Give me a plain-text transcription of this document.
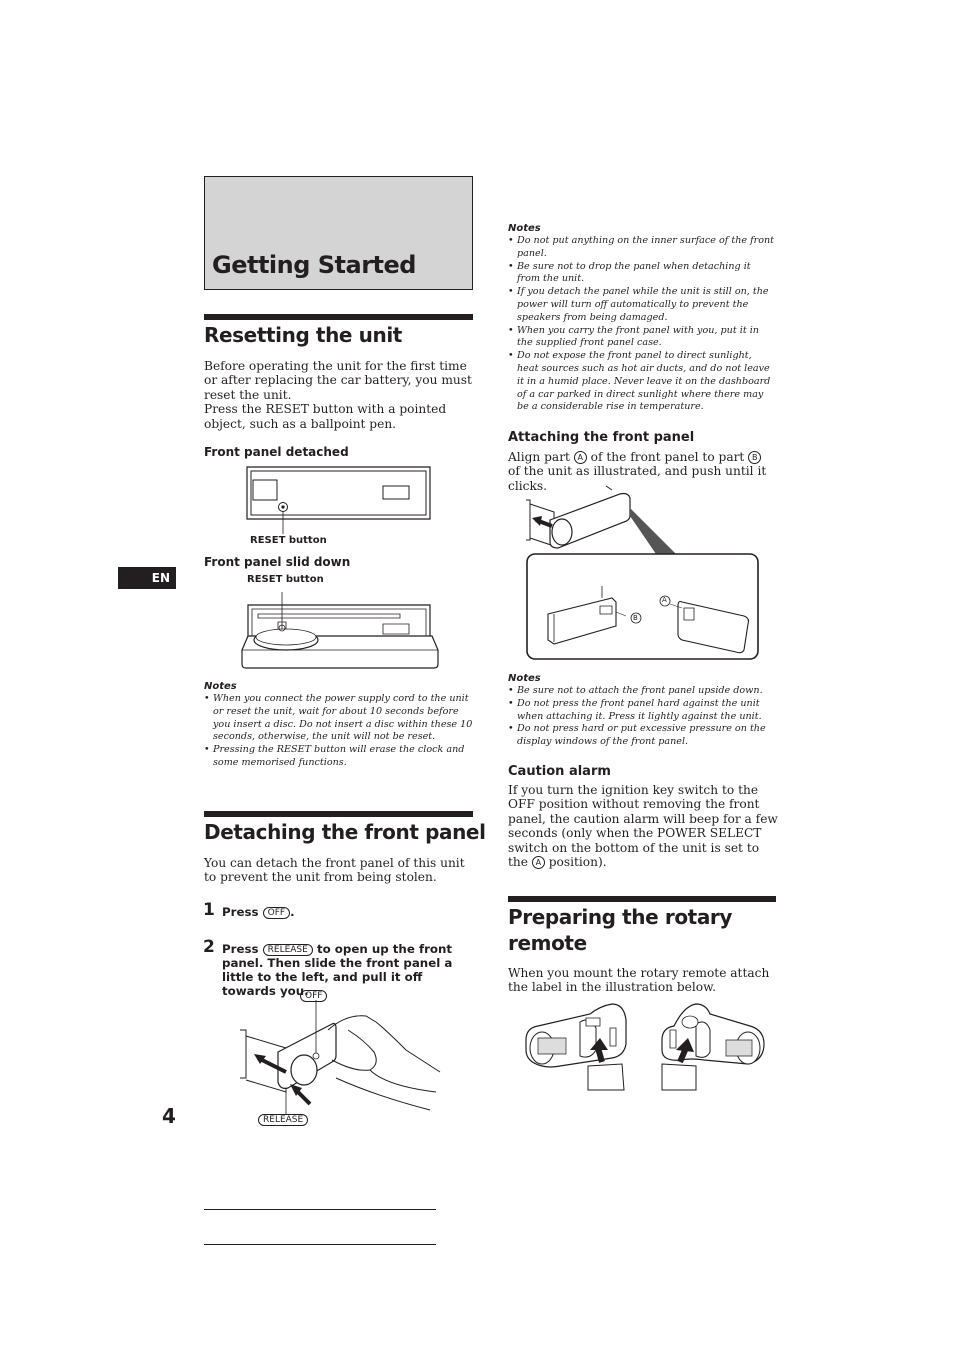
EN
4
Getting Started
Resetting the unit

Before operating the unit for the first time or after replacing the car battery, you must reset the unit.

Press the RESET button with a pointed object, such as a ballpoint pen.

Front panel detached

RESET button

Front panel slid down

RESET button

Notes

• When you connect the power supply cord to the unit or reset the unit, wait for about 10 seconds before you insert a disc. Do not insert a disc within these 10 seconds, otherwise, the unit will not be reset.
• Pressing the RESET button will erase the clock and some memorised functions.
Detaching the front panel

You can detach the front panel of this unit to prevent the unit from being stolen.

1 Press OFF .
2 Press RELEASE to open up the front panel. Then slide the front panel a little to the left, and pull it off towards you.
OFF
RELEASE

Notes

• Do not put anything on the inner surface of the front panel.
• Be sure not to drop the panel when detaching it from the unit.
• If you detach the panel while the unit is still on, the power will turn off automatically to prevent the speakers from being damaged.
• When you carry the front panel with you, put it in the supplied front panel case.
• Do not expose the front panel to direct sunlight, heat sources such as hot air ducts, and do not leave it in a humid place. Never leave it on the dashboard of a car parked in direct sunlight where there may be a considerable rise in temperature.

Attaching the front panel

Align part A of the front panel to part B of the unit as illustrated, and push until it clicks.

A
B

Notes

• Be sure not to attach the front panel upside down.
• Do not press the front panel hard against the unit when attaching it. Press it lightly against the unit.
• Do not press hard or put excessive pressure on the display windows of the front panel.

Caution alarm

If you turn the ignition key switch to the OFF position without removing the front panel, the caution alarm will beep for a few seconds (only when the POWER SELECT switch on the bottom of the unit is set to the A position).

Preparing the rotary remote

When you mount the rotary remote attach the label in the illustration below.
